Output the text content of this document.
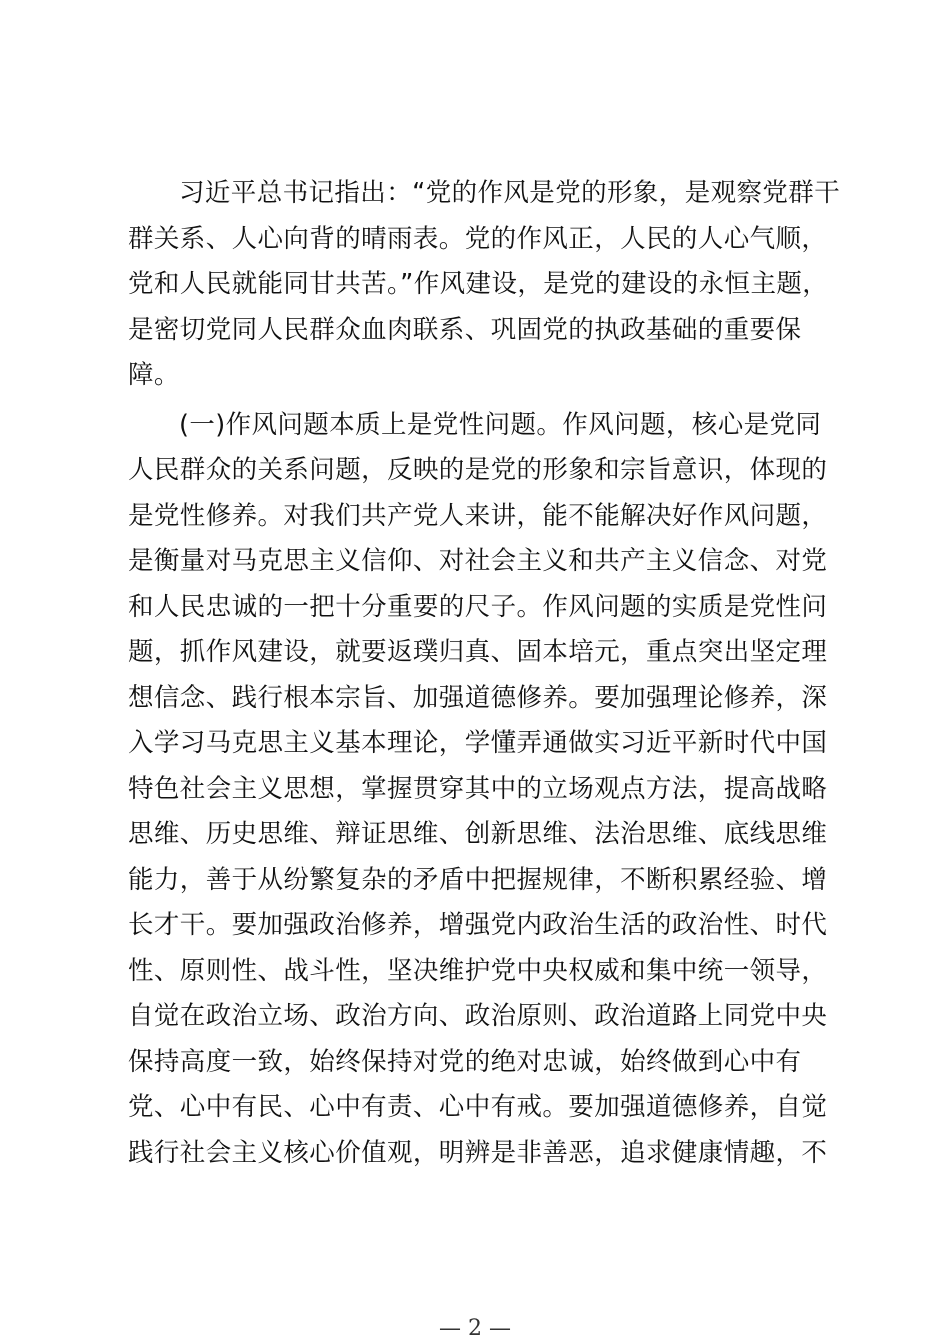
习近平总书记指出：“党的作风是党的形象，是观察党群干
群关系、人心向背的晴雨表。党的作风正，人民的人心气顺，
党和人民就能同甘共苦。”作风建设，是党的建设的永恒主题，
是密切党同人民群众血肉联系、巩固党的执政基础的重要保
障。
(一)作风问题本质上是党性问题。作风问题，核心是党同
人民群众的关系问题，反映的是党的形象和宗旨意识，体现的
是党性修养。对我们共产党人来讲，能不能解决好作风问题，
是衡量对马克思主义信仰、对社会主义和共产主义信念、对党
和人民忠诚的一把十分重要的尺子。作风问题的实质是党性问
题，抓作风建设，就要返璞归真、固本培元，重点突出坚定理
想信念、践行根本宗旨、加强道德修养。要加强理论修养，深
入学习马克思主义基本理论，学懂弄通做实习近平新时代中国
特色社会主义思想，掌握贯穿其中的立场观点方法，提高战略
思维、历史思维、辩证思维、创新思维、法治思维、底线思维
能力，善于从纷繁复杂的矛盾中把握规律，不断积累经验、增
长才干。要加强政治修养，增强党内政治生活的政治性、时代
性、原则性、战斗性，坚决维护党中央权威和集中统一领导，
自觉在政治立场、政治方向、政治原则、政治道路上同党中央
保持高度一致，始终保持对党的绝对忠诚，始终做到心中有
党、心中有民、心中有责、心中有戒。要加强道德修养，自觉
践行社会主义核心价值观，明辨是非善恶，追求健康情趣，不
— 2 —
